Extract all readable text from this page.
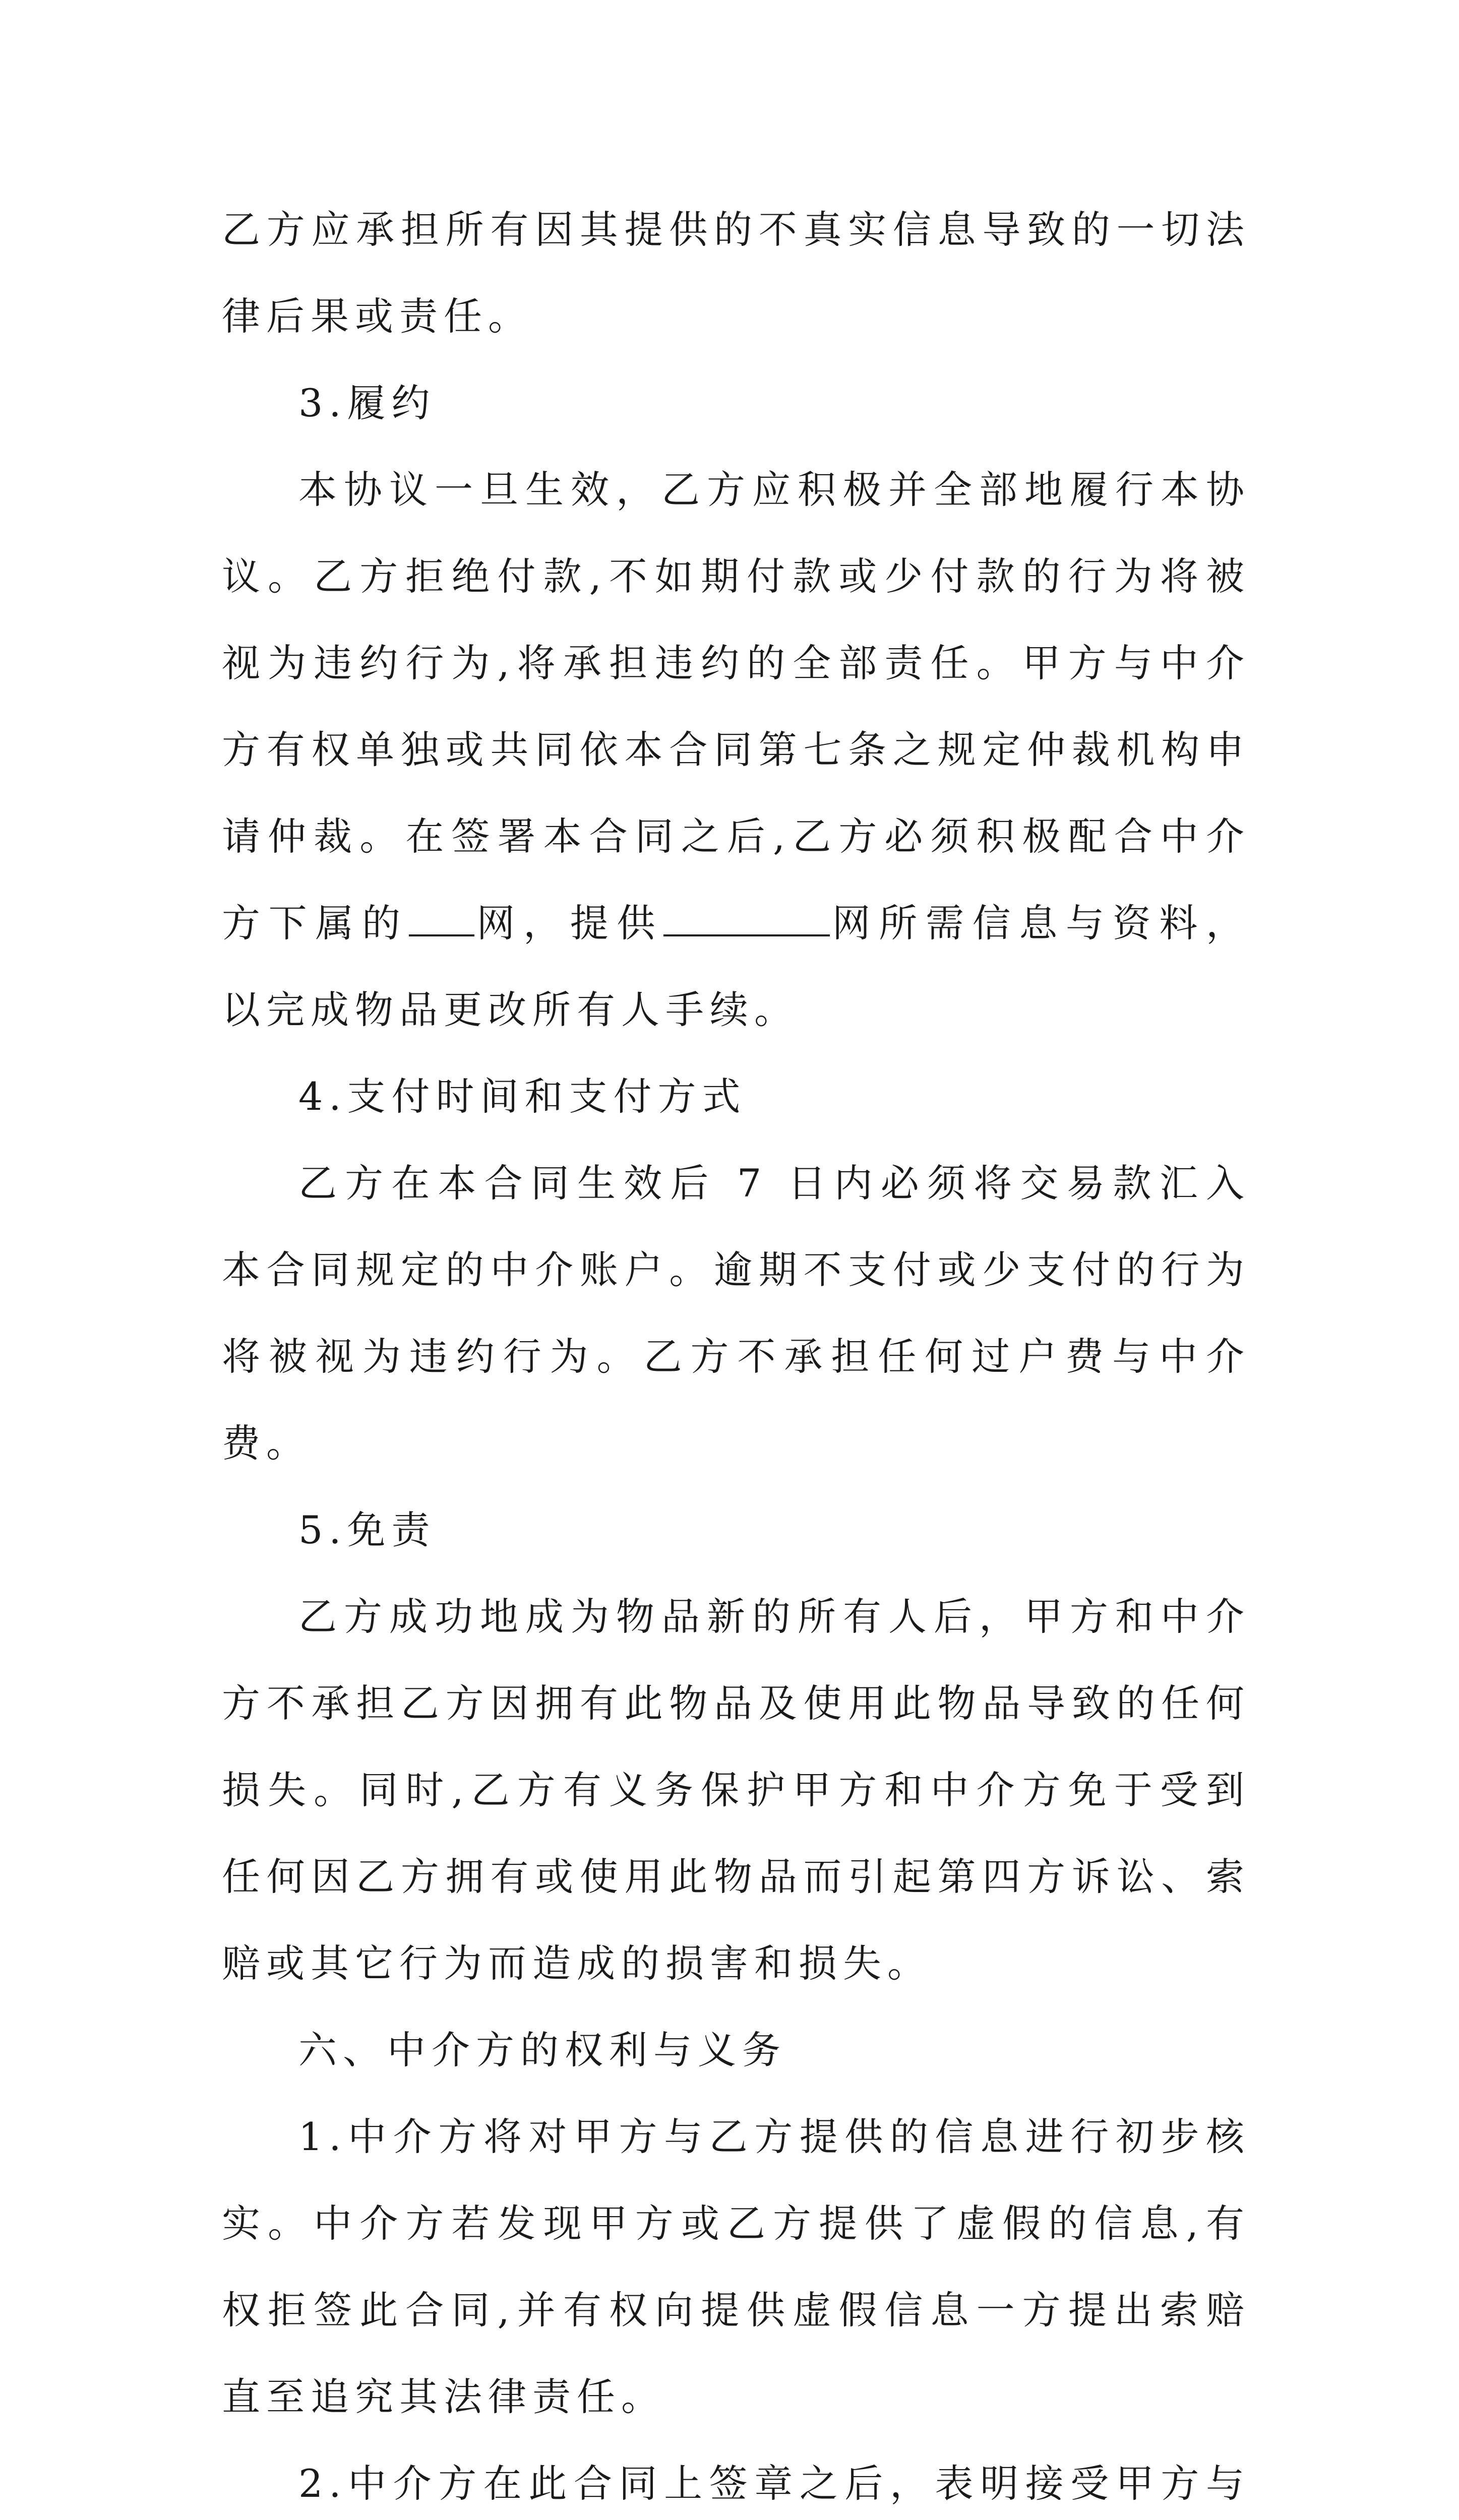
乙方应承担所有因其提供的不真实信息导致的一切法律后果或责任。

3.履约

本协议一旦生效，乙方应积极并全部地履行本协议。乙方拒绝付款,不如期付款或少付款的行为将被视为违约行为,将承担违约的全部责任。甲方与中介方有权单独或共同依本合同第七条之规定仲裁机构申请仲裁。在签署本合同之后,乙方必须积极配合中介方下属的 网，提供	网所需信息与资料，以完成物品更改所有人手续。

4.支付时间和支付方式

乙方在本合同生效后 7 日内必须将交易款汇入本合同规定的中介账户。逾期不支付或少支付的行为将被视为违约行为。乙方不承担任何过户费与中介费。

5.免责

乙方成功地成为物品新的所有人后，甲方和中介方不承担乙方因拥有此物品及使用此物品导致的任何损失。同时,乙方有义务保护甲方和中介方免于受到任何因乙方拥有或使用此物品而引起第四方诉讼、索赔或其它行为而造成的损害和损失。

六、中介方的权利与义务

1.中介方将对甲方与乙方提供的信息进行初步核实。中介方若发现甲方或乙方提供了虚假的信息,有权拒签此合同,并有权向提供虚假信息一方提出索赔直至追究其法律责任。

2.中介方在此合同上签章之后，表明接受甲方与
